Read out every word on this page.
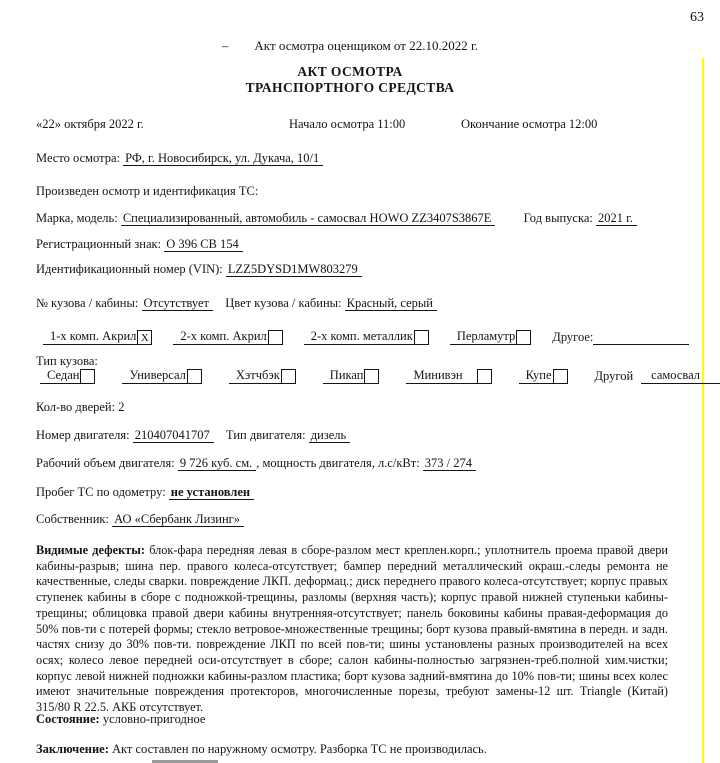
63
– Акт осмотра оценщиком от 22.10.2022 г.
АКТ ОСМОТРА
ТРАНСПОРТНОГО СРЕДСТВА
«22» октября 2022 г.	Начало осмотра 11:00	Окончание осмотра 12:00
Место осмотра: РФ, г. Новосибирск, ул. Дукача, 10/1
Произведен осмотр и идентификация ТС:
Марка, модель: Специализированный, автомобиль - самосвал HOWO ZZ3407S3867E	Год выпуска: 2021 г.
Регистрационный знак: О 396 СВ 154
Идентификационный номер (VIN): LZZ5DYSD1MW803279
№ кузова / кабины: Отсутствует Цвет кузова / кабины: Красный, серый
1-х комп. Акрил X	2-х комп. Акрил	2-х комп. металлик	Перламутр	Другое:
Тип кузова:
Седан	Универсал	Хэтчбэк	Пикап	Минивэн	Купе	Другой	самосвал
Кол-во дверей: 2
Номер двигателя: 210407041707 Тип двигателя: дизель
Рабочий объем двигателя: 9 726 куб. см. , мощность двигателя, л.с/кВт: 373 / 274
Пробег ТС по одометру: не установлен
Собственник: АО «Сбербанк Лизинг»
Видимые дефекты: блок-фара передняя левая в сборе-разлом мест креплен.корп.; уплотнитель проема правой двери кабины-разрыв; шина пер. правого колеса-отсутствует; бампер передний металлический окраш.-следы ремонта не качественные, следы сварки. повреждение ЛКП. деформац.; диск переднего правого колеса-отсутствует; корпус правых ступенек кабины в сборе с подножкой-трещины, разломы (верхняя часть); корпус правой нижней ступеньки кабины-трещины; облицовка правой двери кабины внутренняя-отсутствует; панель боковины кабины правая-деформация до 50% пов-ти с потерей формы; стекло ветровое-множественные трещины; борт кузова правый-вмятина в передн. и задн. частях снизу до 30% пов-ти. повреждение ЛКП по всей пов-ти; шины установлены разных производителей на всех осях; колесо левое передней оси-отсутствует в сборе; салон кабины-полностью загрязнен-треб.полной хим.чистки; корпус левой нижней подножки кабины-разлом пластика; борт кузова задний-вмятина до 10% пов-ти; шины всех колес имеют значительные повреждения протекторов, многочисленные порезы, требуют замены-12 шт. Triangle (Китай) 315/80 R 22.5. АКБ отсутствует.
Состояние: условно-пригодное
Заключение: Акт составлен по наружному осмотру. Разборка ТС не производилась.
